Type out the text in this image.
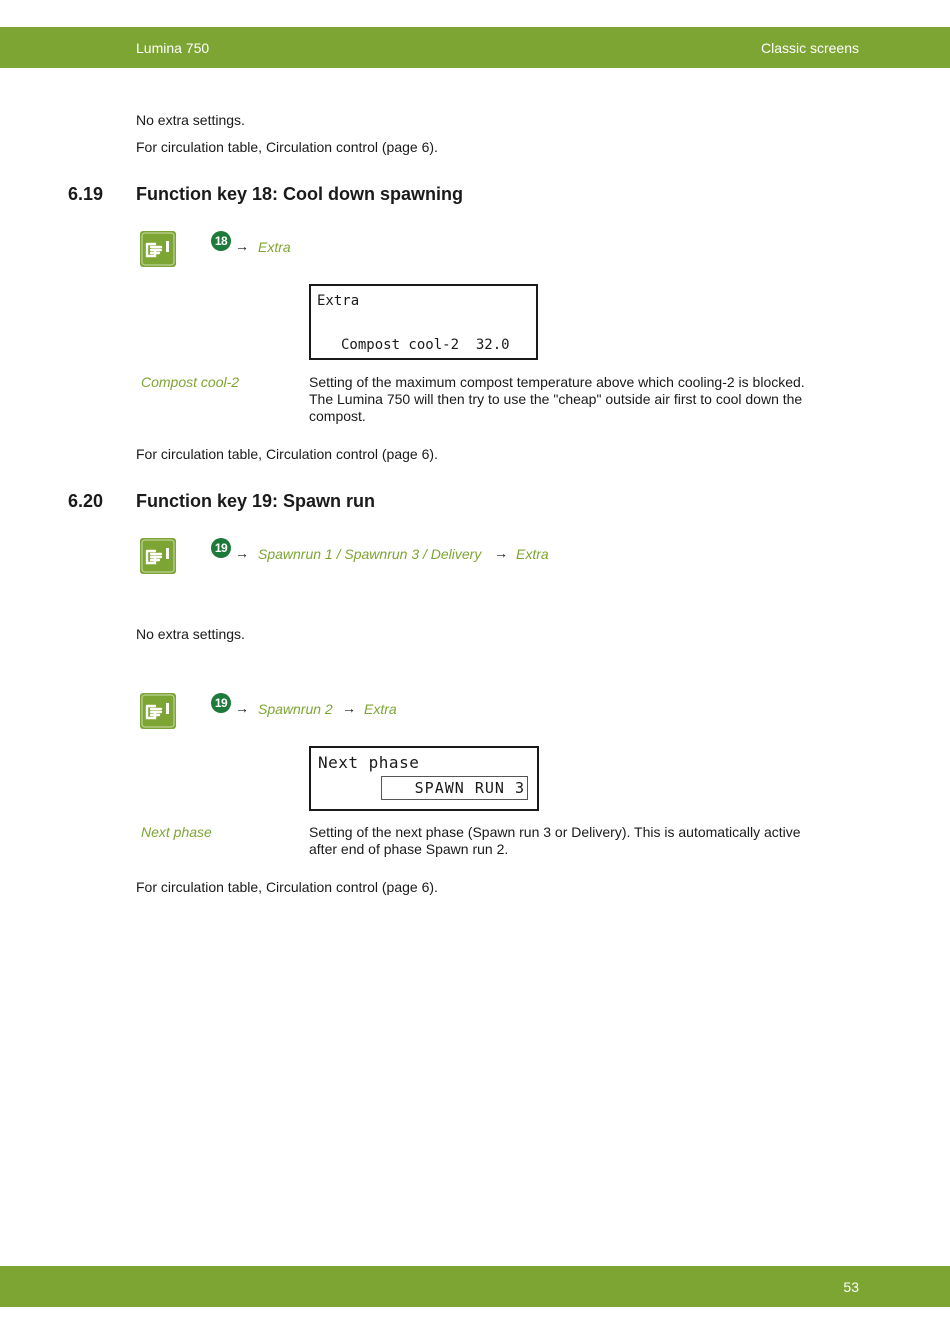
Lumina 750	Classic screens
No extra settings.
For circulation table, Circulation control (page 6).
6.19 Function key 18: Cool down spawning
18 → Extra
Extra
Compost cool-2  32.0
Compost cool-2	Setting of the maximum compost temperature above which cooling-2 is blocked.
The Lumina 750 will then try to use the "cheap" outside air first to cool down the
compost.
For circulation table, Circulation control (page 6).
6.20 Function key 19: Spawn run
19 → Spawnrun 1 / Spawnrun 3 / Delivery → Extra
No extra settings.
19 → Spawnrun 2 → Extra
Next phase
SPAWN RUN 3
Next phase	Setting of the next phase (Spawn run 3 or Delivery). This is automatically active
after end of phase Spawn run 2.
For circulation table, Circulation control (page 6).
53
